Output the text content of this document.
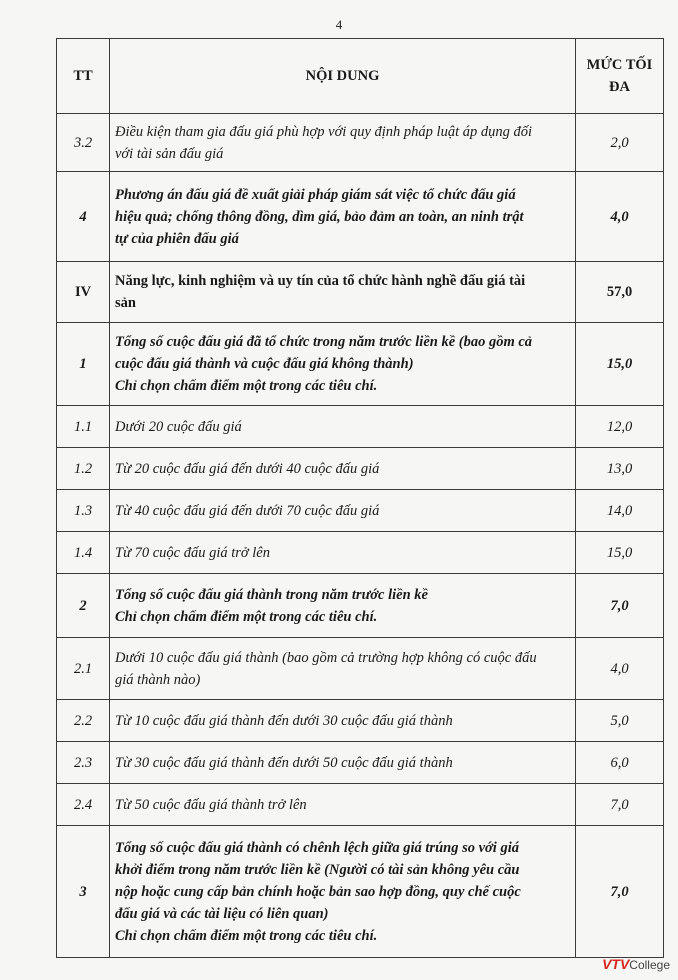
4
TT	NỘI DUNG	MỨC TỐI
ĐA
3.2	Điều kiện tham gia đấu giá phù hợp với quy định pháp luật áp dụng đối
với tài sản đấu giá	2,0
4	Phương án đấu giá đề xuất giải pháp giám sát việc tổ chức đấu giá
hiệu quả; chống thông đồng, dìm giá, bảo đảm an toàn, an ninh trật
tự của phiên đấu giá	4,0
IV	Năng lực, kinh nghiệm và uy tín của tổ chức hành nghề đấu giá tài
sản	57,0
1	Tổng số cuộc đấu giá đã tổ chức trong năm trước liền kề (bao gồm cả
cuộc đấu giá thành và cuộc đấu giá không thành)
Chỉ chọn chấm điểm một trong các tiêu chí.	15,0
1.1	Dưới 20 cuộc đấu giá	12,0
1.2	Từ 20 cuộc đấu giá đến dưới 40 cuộc đấu giá	13,0
1.3	Từ 40 cuộc đấu giá đến dưới 70 cuộc đấu giá	14,0
1.4	Từ 70 cuộc đấu giá trở lên	15,0
2	Tổng số cuộc đấu giá thành trong năm trước liền kề
Chỉ chọn chấm điểm một trong các tiêu chí.	7,0
2.1	Dưới 10 cuộc đấu giá thành (bao gồm cả trường hợp không có cuộc đấu
giá thành nào)	4,0
2.2	Từ 10 cuộc đấu giá thành đến dưới 30 cuộc đấu giá thành	5,0
2.3	Từ 30 cuộc đấu giá thành đến dưới 50 cuộc đấu giá thành	6,0
2.4	Từ 50 cuộc đấu giá thành trở lên	7,0
3	Tổng số cuộc đấu giá thành có chênh lệch giữa giá trúng so với giá
khởi điểm trong năm trước liền kề (Người có tài sản không yêu cầu
nộp hoặc cung cấp bản chính hoặc bản sao hợp đồng, quy chế cuộc
đấu giá và các tài liệu có liên quan)
Chỉ chọn chấm điểm một trong các tiêu chí.	7,0
VTVCollege
